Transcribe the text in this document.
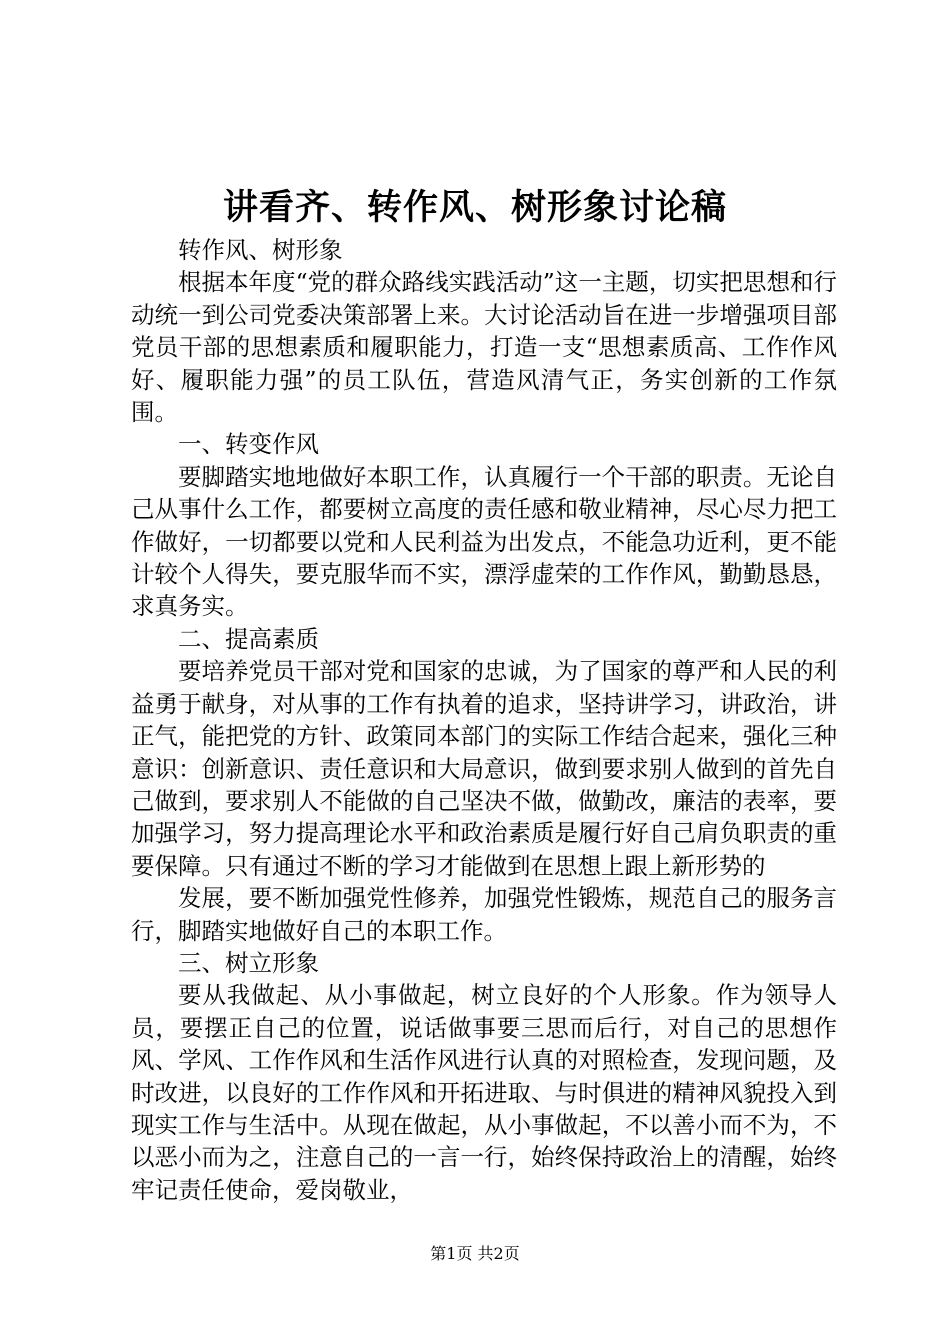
讲看齐、转作风、树形象讨论稿

转作风、树形象

根据本年度“党的群众路线实践活动”这一主题，切实把思想和行动统一到公司党委决策部署上来。大讨论活动旨在进一步增强项目部党员干部的思想素质和履职能力，打造一支“思想素质高、工作作风好、履职能力强”的员工队伍，营造风清气正，务实创新的工作氛围。

一、转变作风

要脚踏实地地做好本职工作，认真履行一个干部的职责。无论自己从事什么工作，都要树立高度的责任感和敬业精神，尽心尽力把工作做好，一切都要以党和人民利益为出发点，不能急功近利，更不能计较个人得失，要克服华而不实，漂浮虚荣的工作作风，勤勤恳恳，求真务实。

二、提高素质

要培养党员干部对党和国家的忠诚，为了国家的尊严和人民的利益勇于献身，对从事的工作有执着的追求，坚持讲学习，讲政治，讲正气，能把党的方针、政策同本部门的实际工作结合起来，强化三种意识：创新意识、责任意识和大局意识，做到要求别人做到的首先自己做到，要求别人不能做的自己坚决不做，做勤改，廉洁的表率，要加强学习，努力提高理论水平和政治素质是履行好自己肩负职责的重要保障。只有通过不断的学习才能做到在思想上跟上新形势的

发展，要不断加强党性修养，加强党性锻炼，规范自己的服务言行，脚踏实地做好自己的本职工作。

三、树立形象

要从我做起、从小事做起，树立良好的个人形象。作为领导人员，要摆正自己的位置，说话做事要三思而后行，对自己的思想作风、学风、工作作风和生活作风进行认真的对照检查，发现问题，及时改进，以良好的工作作风和开拓进取、与时俱进的精神风貌投入到现实工作与生活中。从现在做起，从小事做起，不以善小而不为，不以恶小而为之，注意自己的一言一行，始终保持政治上的清醒，始终牢记责任使命，爱岗敬业，

第1页 共2页
